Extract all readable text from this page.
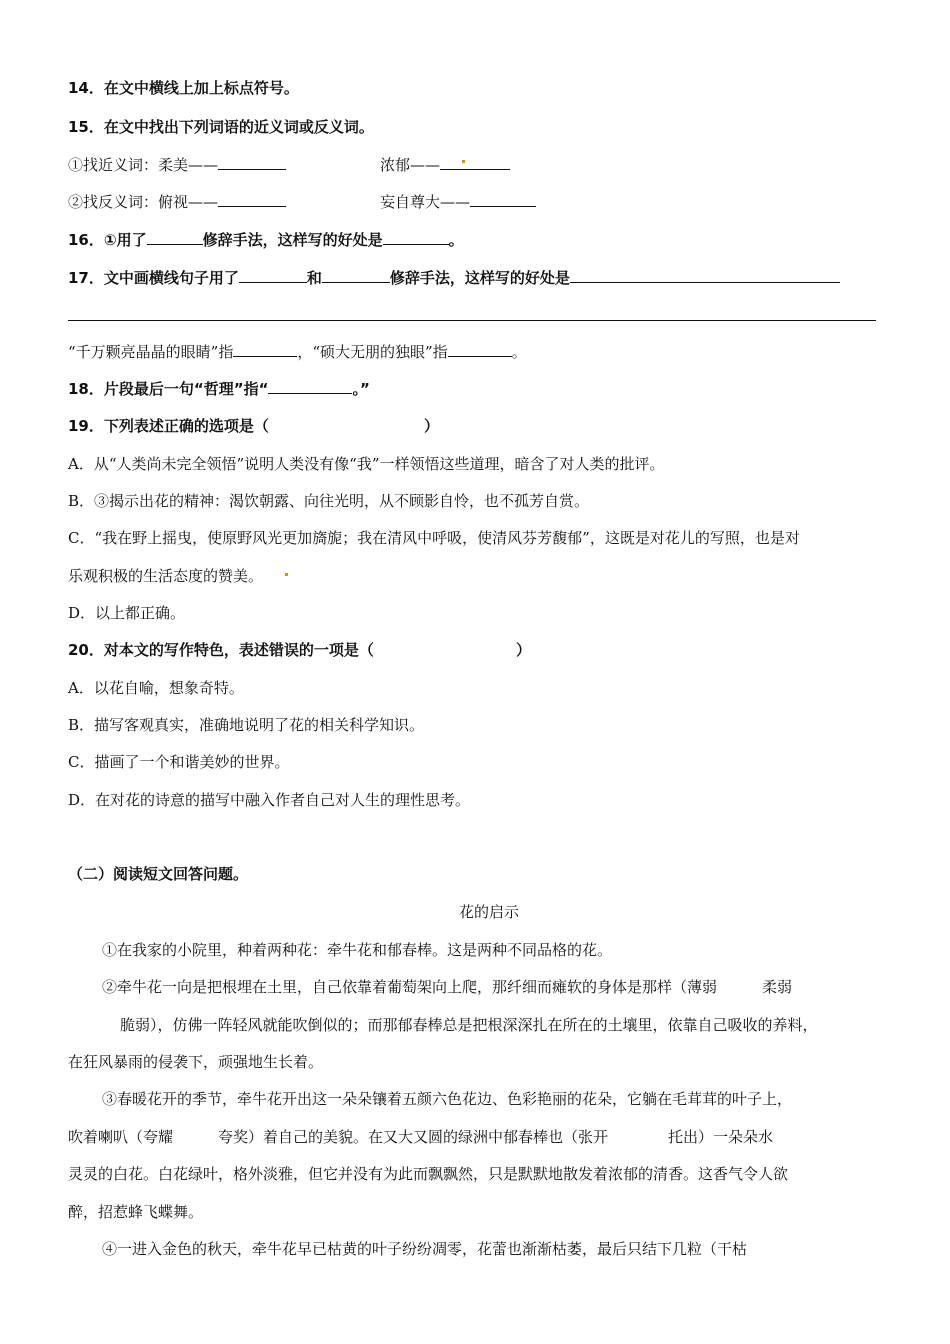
14．在文中横线上加上标点符号。
15．在文中找出下列词语的近义词或反义词。
①找近义词：柔美——	浓郁——
②找反义词：俯视——	妄自尊大——
16．①用了	修辞手法，这样写的好处是	。
17．文中画横线句子用了	和	修辞手法，这样写的好处是
“千万颗亮晶晶的眼睛”指	，“硕大无朋的独眼”指	。
18．片段最后一句“哲理”指“	。”
19．下列表述正确的选项是（	）
A．从“人类尚未完全领悟”说明人类没有像“我”一样领悟这些道理，暗含了对人类的批评。
B．③揭示出花的精神：渴饮朝露、向往光明，从不顾影自怜，也不孤芳自赏。
C．“我在野上摇曳，使原野风光更加旖旎；我在清风中呼吸，使清风芬芳馥郁”，这既是对花儿的写照，也是对
乐观积极的生活态度的赞美。
D．以上都正确。
20．对本文的写作特色，表述错误的一项是（	）
A．以花自喻，想象奇特。
B．描写客观真实，准确地说明了花的相关科学知识。
C．描画了一个和谐美妙的世界。
D．在对花的诗意的描写中融入作者自己对人生的理性思考。
（二）阅读短文回答问题。
花的启示
①在我家的小院里，种着两种花：牵牛花和郁春棒。这是两种不同品格的花。
②牵牛花一向是把根埋在土里，自己依靠着葡萄架向上爬，那纤细而瘫软的身体是那样（薄弱　　　柔弱
脆弱），仿佛一阵轻风就能吹倒似的；而那郁春棒总是把根深深扎在所在的土壤里，依靠自己吸收的养料，
在狂风暴雨的侵袭下，顽强地生长着。
③春暖花开的季节，牵牛花开出这一朵朵镶着五颜六色花边、色彩艳丽的花朵，它躺在毛茸茸的叶子上，
吹着喇叭（夸耀　　　夸奖）着自己的美貌。在又大又圆的绿洲中郁春棒也（张开　　　　托出）一朵朵水
灵灵的白花。白花绿叶，格外淡雅，但它并没有为此而飘飘然，只是默默地散发着浓郁的清香。这香气令人欲
醉，招惹蜂飞蝶舞。
④一进入金色的秋天，牵牛花早已枯黄的叶子纷纷凋零，花蕾也渐渐枯萎，最后只结下几粒（干枯
